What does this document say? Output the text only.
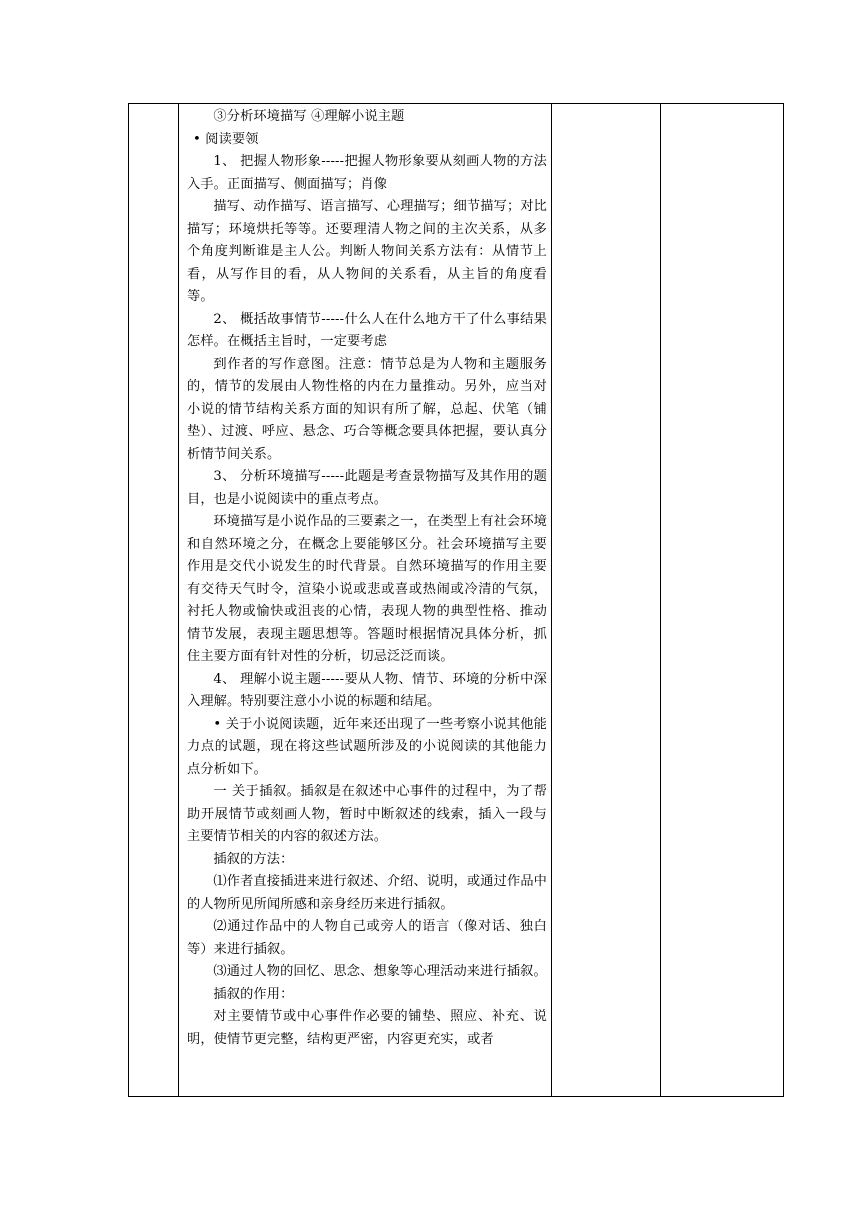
③分析环境描写 ④理解小说主题

• 阅读要领

1、 把握人物形象-----把握人物形象要从刻画人物的方法入手。正面描写、侧面描写；肖像

描写、动作描写、语言描写、心理描写；细节描写；对比描写；环境烘托等等。还要理清人物之间的主次关系，从多个角度判断谁是主人公。判断人物间关系方法有：从情节上看，从写作目的看，从人物间的关系看，从主旨的角度看等。

2、 概括故事情节-----什么人在什么地方干了什么事结果怎样。在概括主旨时，一定要考虑

到作者的写作意图。注意：情节总是为人物和主题服务的，情节的发展由人物性格的内在力量推动。另外，应当对小说的情节结构关系方面的知识有所了解，总起、伏笔（铺垫）、过渡、呼应、悬念、巧合等概念要具体把握，要认真分析情节间关系。

3、 分析环境描写-----此题是考查景物描写及其作用的题目，也是小说阅读中的重点考点。

环境描写是小说作品的三要素之一，在类型上有社会环境和自然环境之分，在概念上要能够区分。社会环境描写主要作用是交代小说发生的时代背景。自然环境描写的作用主要有交待天气时令，渲染小说或悲或喜或热闹或冷清的气氛，衬托人物或愉快或沮丧的心情，表现人物的典型性格、推动情节发展，表现主题思想等。答题时根据情况具体分析，抓住主要方面有针对性的分析，切忌泛泛而谈。

4、 理解小说主题-----要从人物、情节、环境的分析中深入理解。特别要注意小小说的标题和结尾。

• 关于小说阅读题，近年来还出现了一些考察小说其他能力点的试题，现在将这些试题所涉及的小说阅读的其他能力点分析如下。

一 关于插叙。插叙是在叙述中心事件的过程中，为了帮助开展情节或刻画人物，暂时中断叙述的线索，插入一段与主要情节相关的内容的叙述方法。

插叙的方法：

⑴作者直接插进来进行叙述、介绍、说明，或通过作品中的人物所见所闻所感和亲身经历来进行插叙。

⑵通过作品中的人物自己或旁人的语言（像对话、独白等）来进行插叙。

⑶通过人物的回忆、思念、想象等心理活动来进行插叙。

插叙的作用：

对主要情节或中心事件作必要的铺垫、照应、补充、说明，使情节更完整，结构更严密，内容更充实，或者
